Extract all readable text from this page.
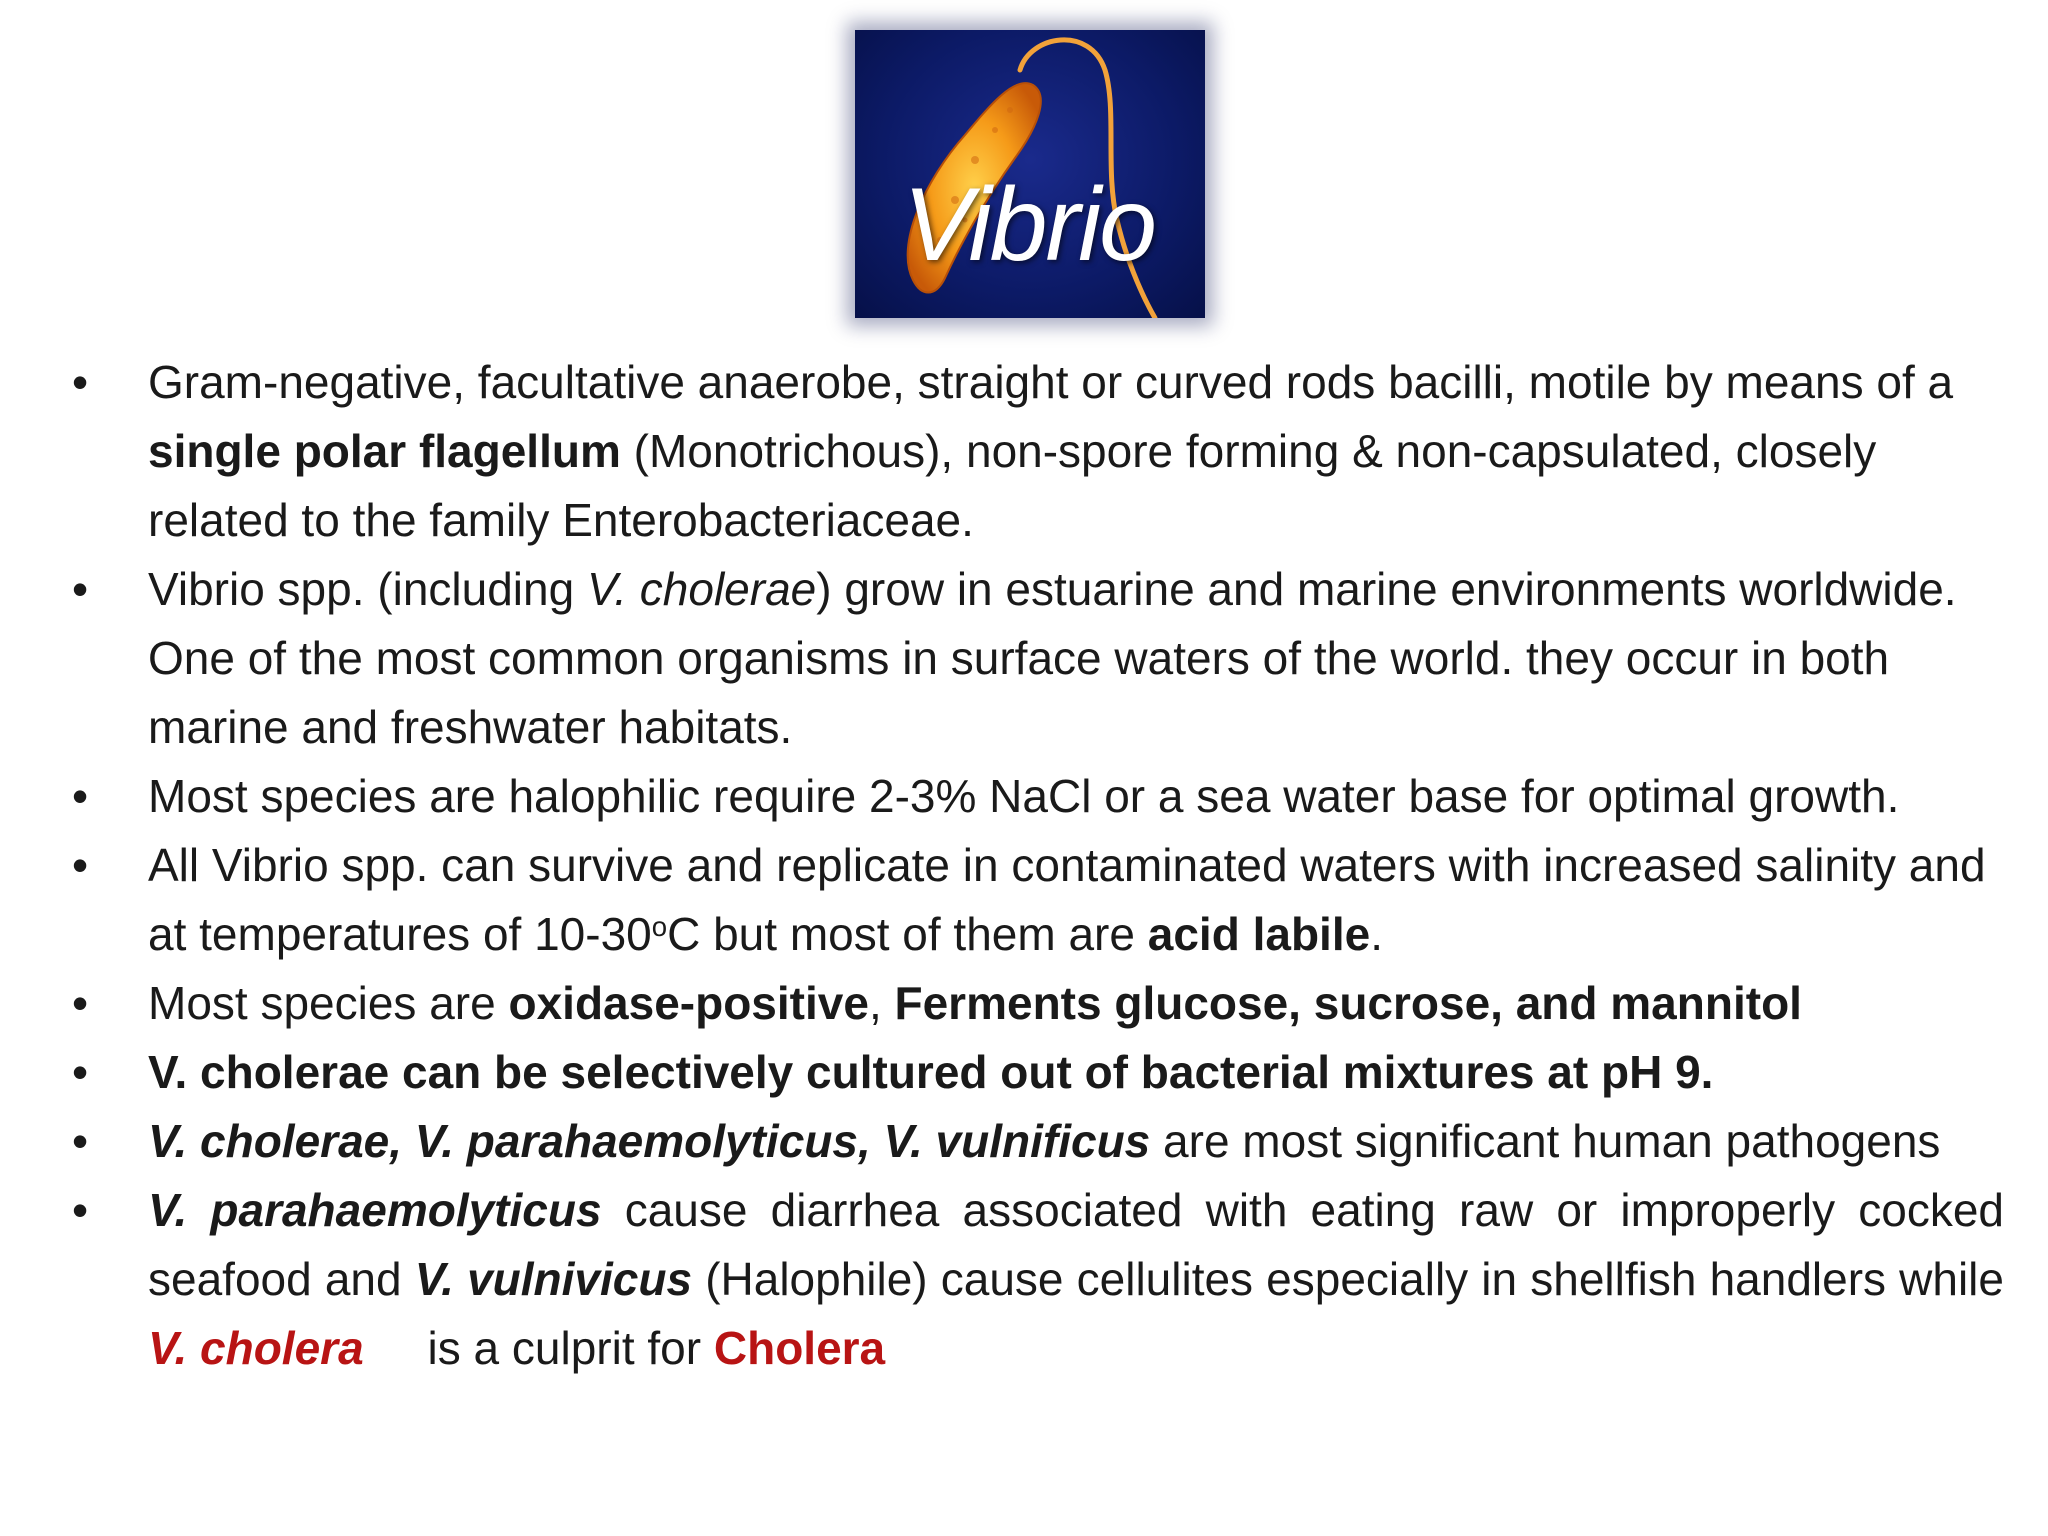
Vibrio
•	Gram-negative, facultative anaerobe, straight or curved rods bacilli, motile by means of a single polar flagellum (Monotrichous), non-spore forming & non-capsulated, closely related to the family Enterobacteriaceae.
•	Vibrio spp. (including V. cholerae) grow in estuarine and marine environments worldwide. One of the most common organisms in surface waters of the world. they occur in both marine and freshwater habitats.
•	Most species are halophilic require 2-3% NaCl or a sea water base for optimal growth.
•	All Vibrio spp. can survive and replicate in contaminated waters with increased salinity and at temperatures of 10-30$^o$C but most of them are acid labile.
•	Most species are oxidase-positive, Ferments glucose, sucrose, and mannitol
•	V. cholerae can be selectively cultured out of bacterial mixtures at pH 9.
•	V. cholerae, V. parahaemolyticus, V. vulnificus are most significant human pathogens
•	V. parahaemolyticus cause diarrhea associated with eating raw or improperly cocked seafood and V. vulnivicus (Halophile) cause cellulites especially in shellfish handlers while V. cholera     is a culprit for Cholera
